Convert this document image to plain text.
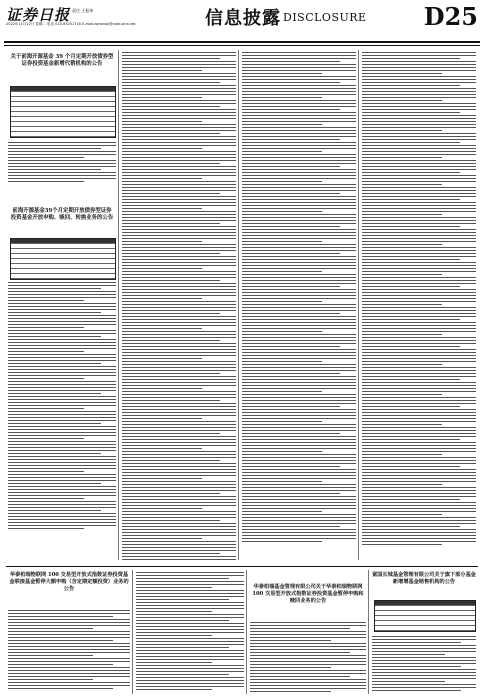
证券日报 责任 王振伟
2022年11月22日 星期二 电话 010-83251716 E-mail:zqrbxxpl@zqrb.sina.net	信息披露 DISCLOSURE D25
关于前海开源基金 39 个月定期开放债券型证券投资基金新增代销机构的公告
前海开源基金39个月定期开放债券型证券投资基金开放申购、赎回、转换业务的公告
华泰柏瑞物联网 100 交易型开放式指数证券投资基金联接基金暂停大额申购（含定期定额投资）业务的公告	华泰柏瑞基金管理有限公司关于华泰柏瑞物联网 100 交易型开放式指数证券投资基金暂停申购和赎回业务的公告
富国长城基金管理有限公司关于旗下部分基金新增增基金销售机构的公告
